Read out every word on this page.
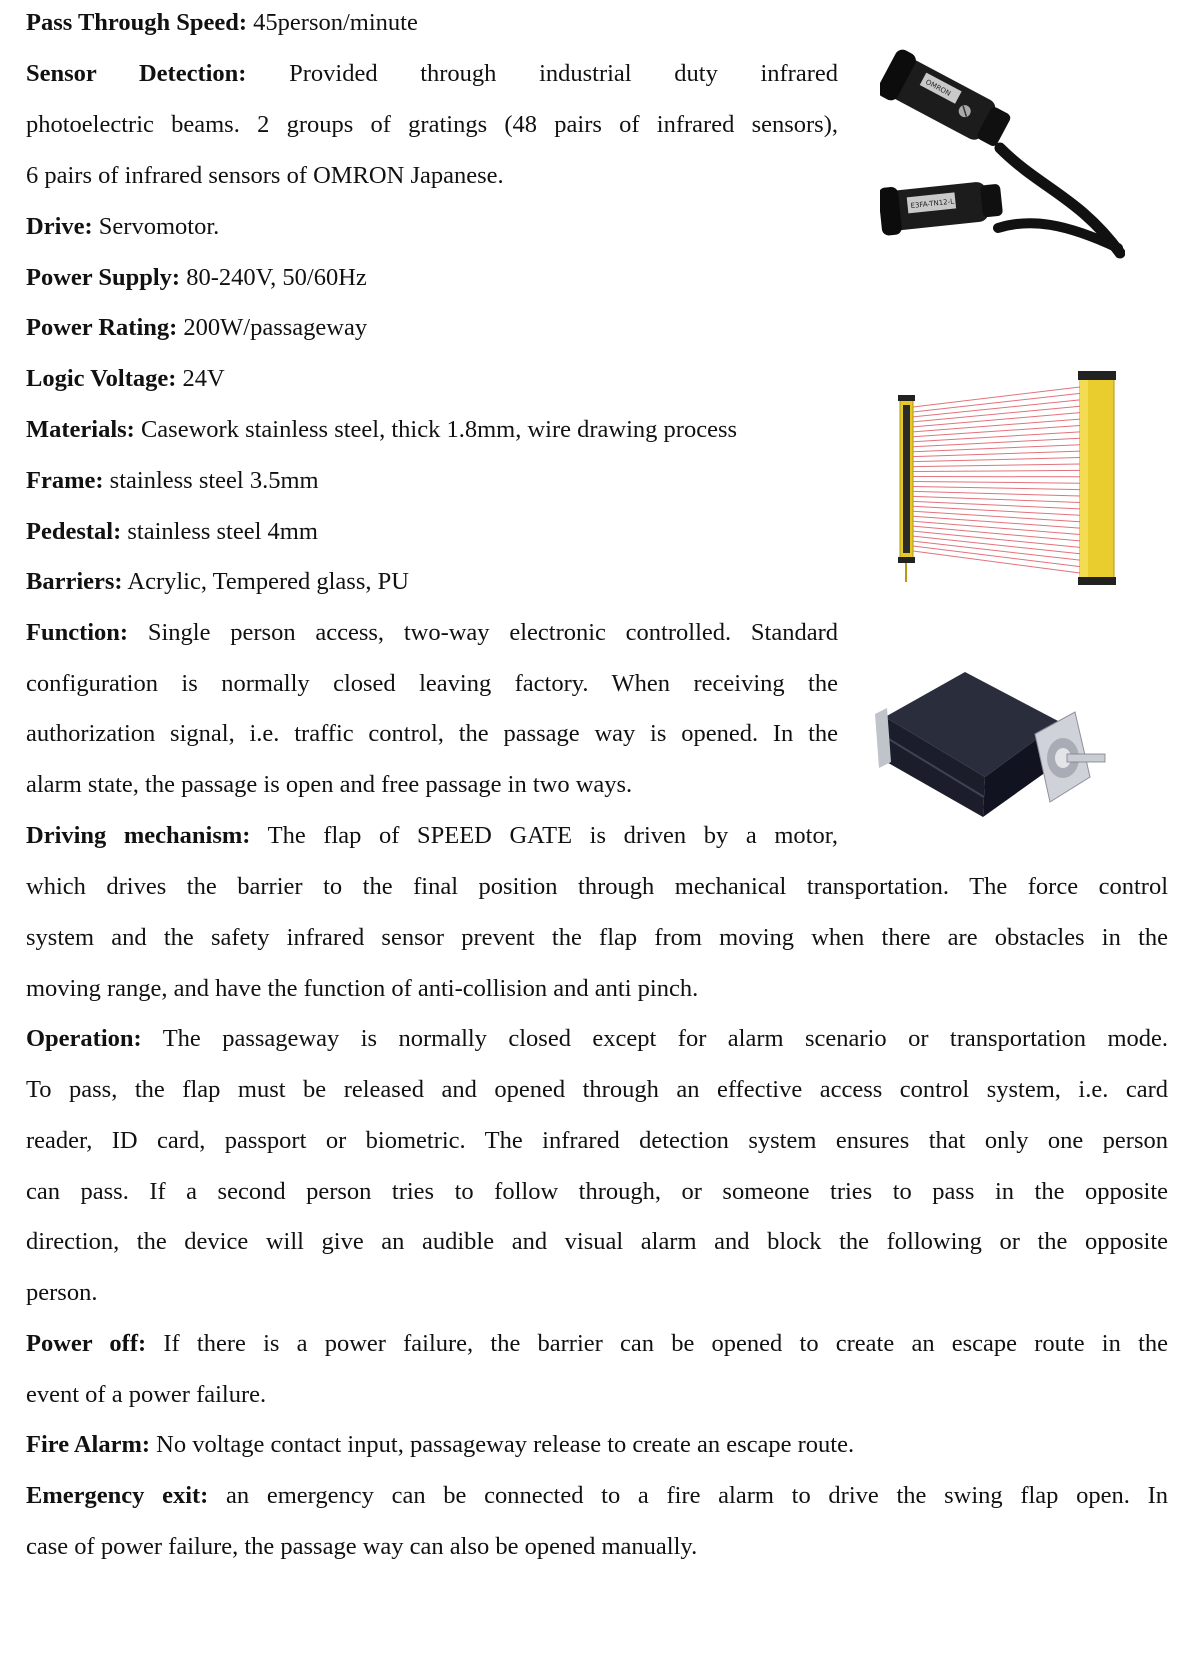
Pass Through Speed: 45person/minute
Sensor Detection: Provided through industrial duty infrared
photoelectric beams. 2 groups of gratings (48 pairs of infrared sensors),
6 pairs of infrared sensors of OMRON Japanese.
Drive: Servomotor.
Power Supply: 80-240V, 50/60Hz
Power Rating: 200W/passageway
Logic Voltage: 24V
Materials: Casework stainless steel, thick 1.8mm, wire drawing process
Frame: stainless steel 3.5mm
Pedestal: stainless steel 4mm
Barriers: Acrylic, Tempered glass, PU
Function: Single person access, two-way electronic controlled. Standard
configuration is normally closed leaving factory. When receiving the
authorization signal, i.e. traffic control, the passage way is opened. In the
alarm state, the passage is open and free passage in two ways.
Driving mechanism: The flap of SPEED GATE is driven by a motor,
which drives the barrier to the final position through mechanical transportation. The force control
system and the safety infrared sensor prevent the flap from moving when there are obstacles in the
moving range, and have the function of anti-collision and anti pinch.
Operation: The passageway is normally closed except for alarm scenario or transportation mode.
To pass, the flap must be released and opened through an effective access control system, i.e. card
reader, ID card, passport or biometric. The infrared detection system ensures that only one person
can pass. If a second person tries to follow through, or someone tries to pass in the opposite
direction, the device will give an audible and visual alarm and block the following or the opposite
person.
Power off: If there is a power failure, the barrier can be opened to create an escape route in the
event of a power failure.
Fire Alarm: No voltage contact input, passageway release to create an escape route.
Emergency exit: an emergency can be connected to a fire alarm to drive the swing flap open. In
case of power failure, the passage way can also be opened manually.
OMRON
E3FA-TN12-L
